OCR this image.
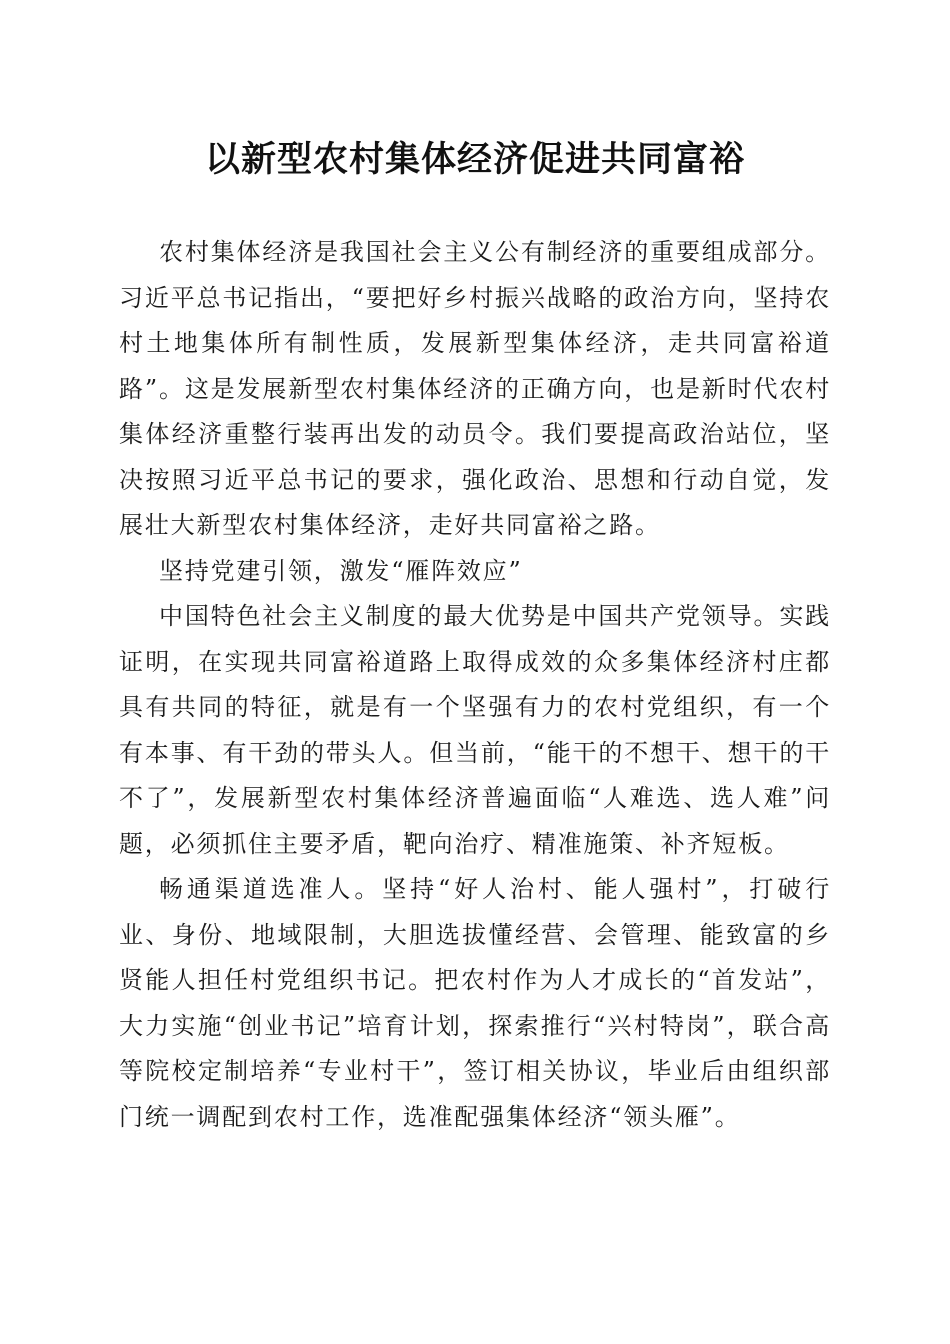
以新型农村集体经济促进共同富裕

农村集体经济是我国社会主义公有制经济的重要组成部分。习近平总书记指出，“要把好乡村振兴战略的政治方向，坚持农村土地集体所有制性质，发展新型集体经济，走共同富裕道路”。这是发展新型农村集体经济的正确方向，也是新时代农村集体经济重整行装再出发的动员令。我们要提高政治站位，坚决按照习近平总书记的要求，强化政治、思想和行动自觉，发展壮大新型农村集体经济，走好共同富裕之路。

坚持党建引领，激发“雁阵效应”

中国特色社会主义制度的最大优势是中国共产党领导。实践证明，在实现共同富裕道路上取得成效的众多集体经济村庄都具有共同的特征，就是有一个坚强有力的农村党组织，有一个有本事、有干劲的带头人。但当前，“能干的不想干、想干的干不了”，发展新型农村集体经济普遍面临“人难选、选人难”问题，必须抓住主要矛盾，靶向治疗、精准施策、补齐短板。

畅通渠道选准人。坚持“好人治村、能人强村”，打破行业、身份、地域限制，大胆选拔懂经营、会管理、能致富的乡贤能人担任村党组织书记。把农村作为人才成长的“首发站”，大力实施“创业书记”培育计划，探索推行“兴村特岗”，联合高等院校定制培养“专业村干”，签订相关协议，毕业后由组织部门统一调配到农村工作，选准配强集体经济“领头雁”。
